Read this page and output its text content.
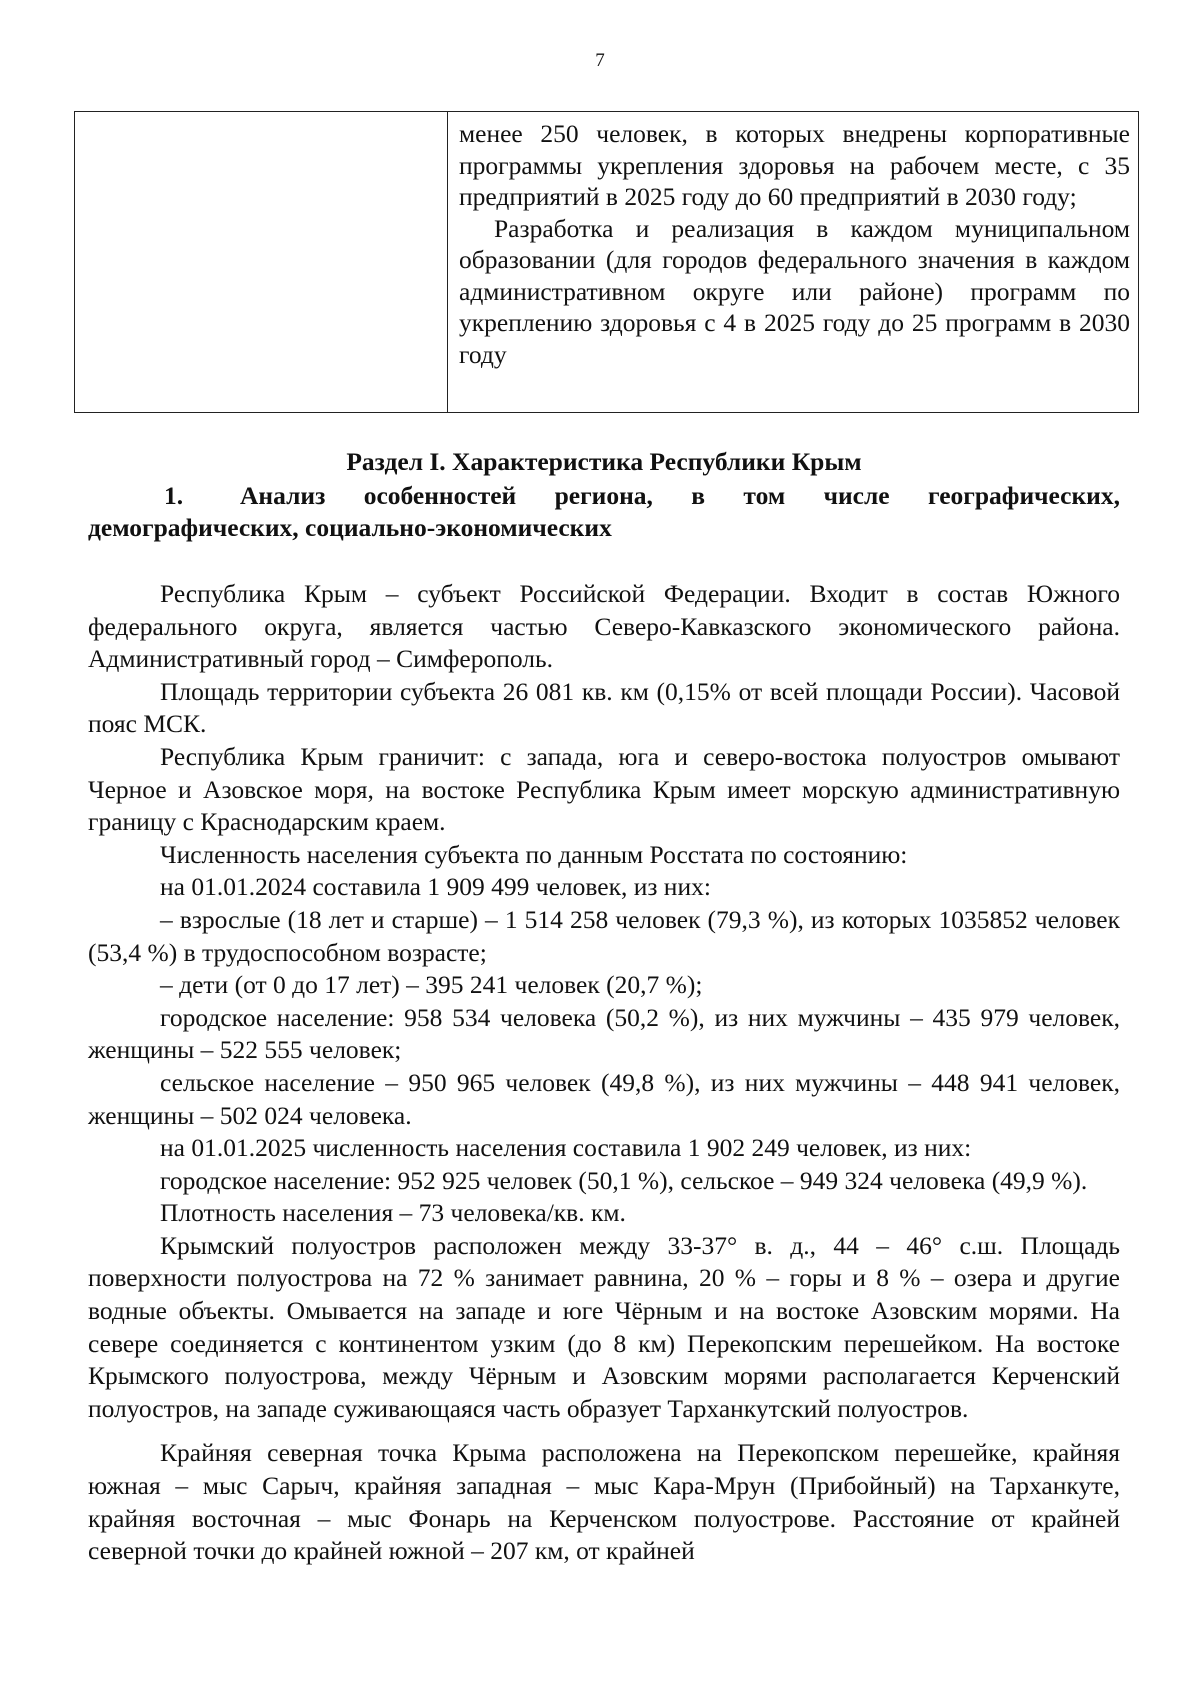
7

менее 250 человек, в которых внедрены корпоративные программы укрепления здоровья на рабочем месте, с 35 предприятий в 2025 году до 60 предприятий в 2030 году;

Разработка и реализация в каждом муниципальном образовании (для городов федерального значения в каждом административном округе или районе) программ по укреплению здоровья с 4 в 2025 году до 25 программ в 2030 году

Раздел I. Характеристика Республики Крым
1. Анализ особенностей региона, в том числе географических, демографических, социально-экономических

Республика Крым – субъект Российской Федерации. Входит в состав Южного федерального округа, является частью Северо-Кавказского экономического района. Административный город – Симферополь.

Площадь территории субъекта 26 081 кв. км (0,15% от всей площади России). Часовой пояс МСК.

Республика Крым граничит: с запада, юга и северо-востока полуостров омывают Черное и Азовское моря, на востоке Республика Крым имеет морскую административную границу с Краснодарским краем.

Численность населения субъекта по данным Росстата по состоянию:

на 01.01.2024 составила 1 909 499 человек, из них:

– взрослые (18 лет и старше) – 1 514 258 человек (79,3 %), из которых 1035852 человек (53,4 %) в трудоспособном возрасте;

– дети (от 0 до 17 лет) – 395 241 человек (20,7 %);

городское население: 958 534 человека (50,2 %), из них мужчины – 435 979 человек, женщины – 522 555 человек;

сельское население – 950 965 человек (49,8 %), из них мужчины – 448 941 человек, женщины – 502 024 человека.

на 01.01.2025 численность населения составила 1 902 249 человек, из них:

городское население: 952 925 человек (50,1 %), сельское – 949 324 человека (49,9 %).

Плотность населения – 73 человека/кв. км.

Крымский полуостров расположен между 33-37° в. д., 44 – 46° с.ш. Площадь поверхности полуострова на 72 % занимает равнина, 20 % – горы и 8 % – озера и другие водные объекты. Омывается на западе и юге Чёрным и на востоке Азовским морями. На севере соединяется с континентом узким (до 8 км) Перекопским перешейком. На востоке Крымского полуострова, между Чёрным и Азовским морями располагается Керченский полуостров, на западе суживающаяся часть образует Тарханкутский полуостров.

Крайняя северная точка Крыма расположена на Перекопском перешейке, крайняя южная – мыс Сарыч, крайняя западная – мыс Кара-Мрун (Прибойный) на Тарханкуте, крайняя восточная – мыс Фонарь на Керченском полуострове. Расстояние от крайней северной точки до крайней южной – 207 км, от крайней
